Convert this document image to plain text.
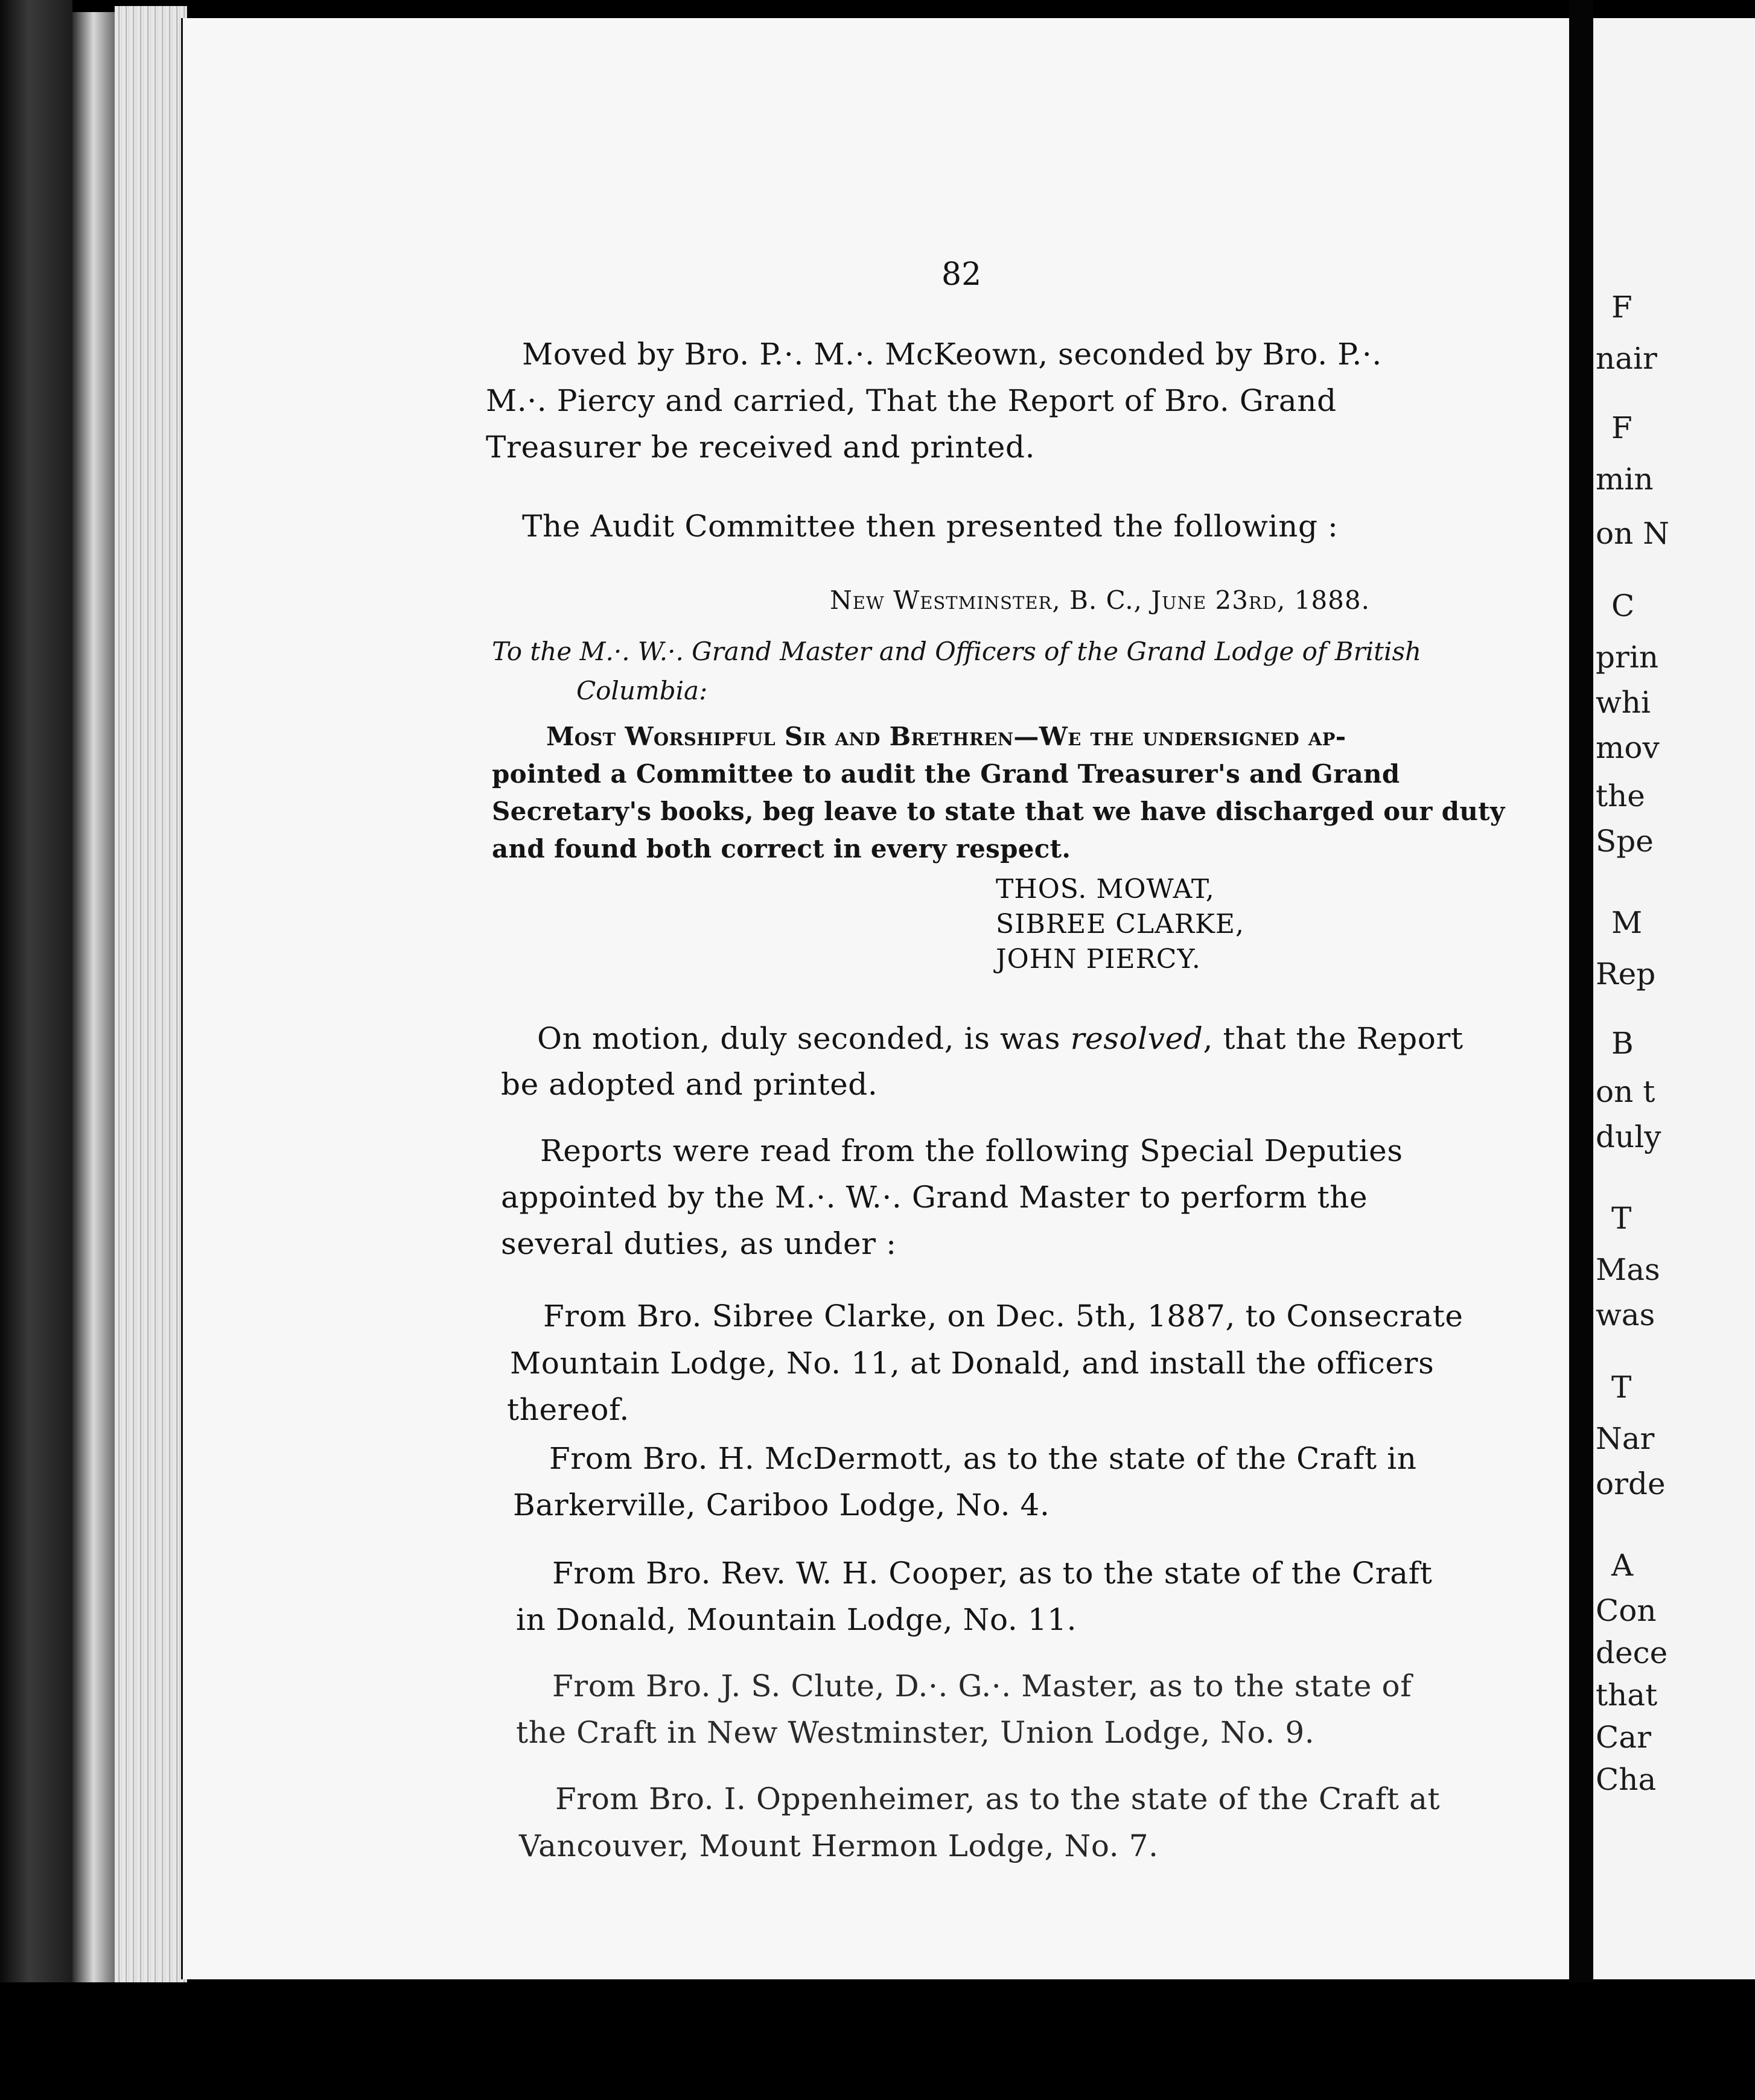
82
Moved by Bro. P.·. M.·. McKeown, seconded by Bro. P.·.
M.·. Piercy and carried, That the Report of Bro. Grand
Treasurer be received and printed.
The Audit Committee then presented the following :
New Westminster, B. C., June 23rd, 1888.
To the M.·. W.·. Grand Master and Officers of the Grand Lodge of British
Columbia:
Most Worshipful Sir and Brethren—We the undersigned ap-
pointed a Committee to audit the Grand Treasurer's and Grand
Secretary's books, beg leave to state that we have discharged our duty
and found both correct in every respect.
THOS. MOWAT,
SIBREE CLARKE,
JOHN PIERCY.
On motion, duly seconded, is was resolved, that the Report
be adopted and printed.
Reports were read from the following Special Deputies
appointed by the M.·. W.·. Grand Master to perform the
several duties, as under :
From Bro. Sibree Clarke, on Dec. 5th, 1887, to Consecrate
Mountain Lodge, No. 11, at Donald, and install the officers
thereof.
From Bro. H. McDermott, as to the state of the Craft in
Barkerville, Cariboo Lodge, No. 4.
From Bro. Rev. W. H. Cooper, as to the state of the Craft
in Donald, Mountain Lodge, No. 11.
From Bro. J. S. Clute, D.·. G.·. Master, as to the state of
the Craft in New Westminster, Union Lodge, No. 9.
From Bro. I. Oppenheimer, as to the state of the Craft at
Vancouver, Mount Hermon Lodge, No. 7.
F
nair
F
min
on N
C
prin
whi
mov
the
Spe
M
Rep
B
on t
duly
T
Mas
was
T
Nar
orde
A
Con
dece
that
Car
Cha
